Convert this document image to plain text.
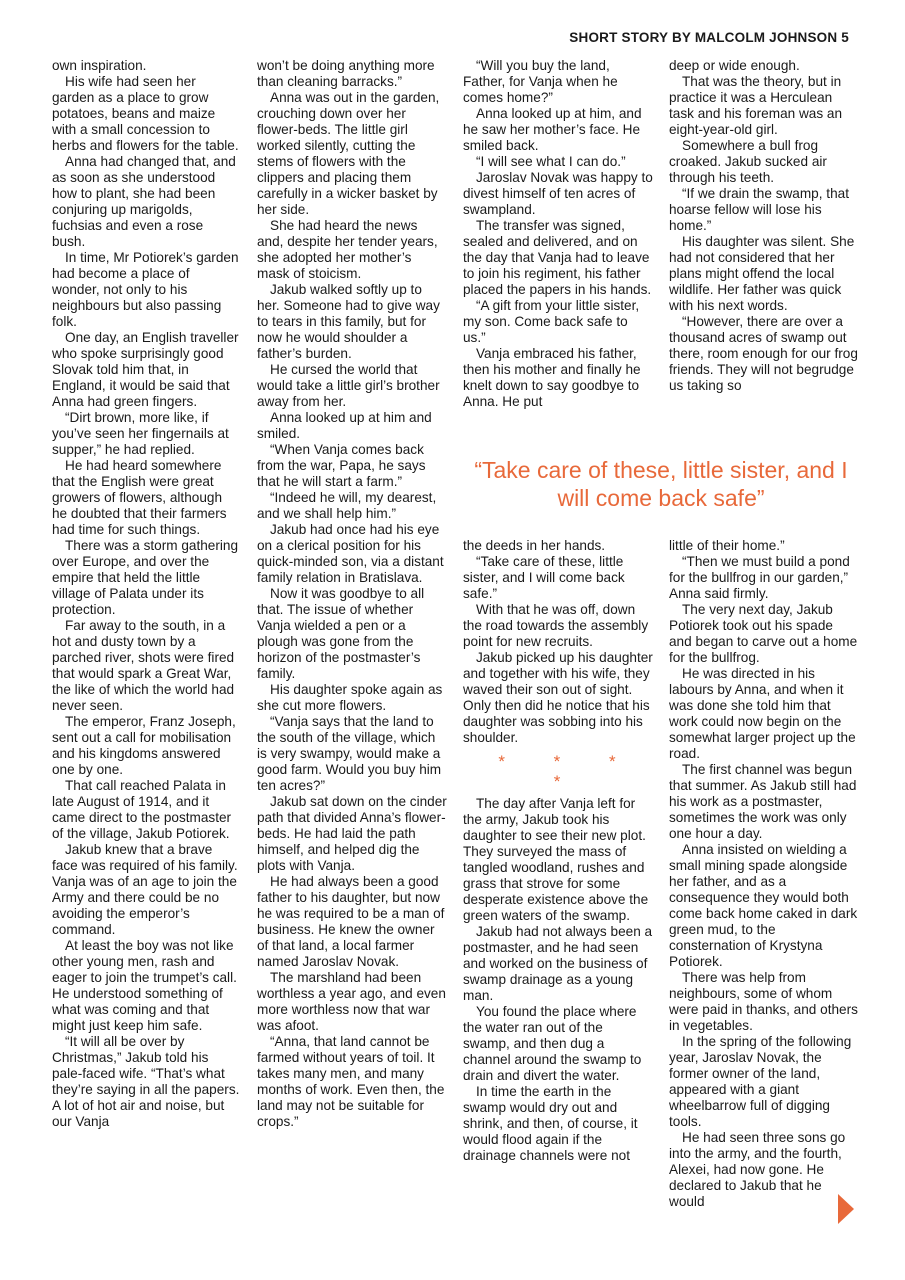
SHORT STORY BY MALCOLM JOHNSON 5

own inspiration.

His wife had seen her garden as a place to grow potatoes, beans and maize with a small concession to herbs and flowers for the table.

Anna had changed that, and as soon as she understood how to plant, she had been conjuring up marigolds, fuchsias and even a rose bush.

In time, Mr Potiorek’s garden had become a place of wonder, not only to his neighbours but also passing folk.

One day, an English traveller who spoke surprisingly good Slovak told him that, in England, it would be said that Anna had green fingers.

“Dirt brown, more like, if you’ve seen her fingernails at supper,” he had replied.

He had heard somewhere that the English were great growers of flowers, although he doubted that their farmers had time for such things.

There was a storm gathering over Europe, and over the empire that held the little village of Palata under its protection.

Far away to the south, in a hot and dusty town by a parched river, shots were fired that would spark a Great War, the like of which the world had never seen.

The emperor, Franz Joseph, sent out a call for mobilisation and his kingdoms answered one by one.

That call reached Palata in late August of 1914, and it came direct to the postmaster of the village, Jakub Potiorek.

Jakub knew that a brave face was required of his family. Vanja was of an age to join the Army and there could be no avoiding the emperor’s command.

At least the boy was not like other young men, rash and eager to join the trumpet’s call. He understood something of what was coming and that might just keep him safe.

“It will all be over by Christmas,” Jakub told his pale-faced wife. “That’s what they’re saying in all the papers. A lot of hot air and noise, but our Vanja

won’t be doing anything more than cleaning barracks.”

Anna was out in the garden, crouching down over her flower-beds. The little girl worked silently, cutting the stems of flowers with the clippers and placing them carefully in a wicker basket by her side.

She had heard the news and, despite her tender years, she adopted her mother’s mask of stoicism.

Jakub walked softly up to her. Someone had to give way to tears in this family, but for now he would shoulder a father’s burden.

He cursed the world that would take a little girl’s brother away from her.

Anna looked up at him and smiled.

“When Vanja comes back from the war, Papa, he says that he will start a farm.”

“Indeed he will, my dearest, and we shall help him.”

Jakub had once had his eye on a clerical position for his quick-minded son, via a distant family relation in Bratislava.

Now it was goodbye to all that. The issue of whether Vanja wielded a pen or a plough was gone from the horizon of the postmaster’s family.

His daughter spoke again as she cut more flowers.

“Vanja says that the land to the south of the village, which is very swampy, would make a good farm. Would you buy him ten acres?”

Jakub sat down on the cinder path that divided Anna’s flower-beds. He had laid the path himself, and helped dig the plots with Vanja.

He had always been a good father to his daughter, but now he was required to be a man of business. He knew the owner of that land, a local farmer named Jaroslav Novak.

The marshland had been worthless a year ago, and even more worthless now that war was afoot.

“Anna, that land cannot be farmed without years of toil. It takes many men, and many months of work. Even then, the land may not be suitable for crops.”

“Will you buy the land, Father, for Vanja when he comes home?”

Anna looked up at him, and he saw her mother’s face. He smiled back.

“I will see what I can do.”

Jaroslav Novak was happy to divest himself of ten acres of swampland.

The transfer was signed, sealed and delivered, and on the day that Vanja had to leave to join his regiment, his father placed the papers in his hands.

“A gift from your little sister, my son. Come back safe to us.”

Vanja embraced his father, then his mother and finally he knelt down to say goodbye to Anna. He put

deep or wide enough.

That was the theory, but in practice it was a Herculean task and his foreman was an eight-year-old girl.

Somewhere a bull frog croaked. Jakub sucked air through his teeth.

“If we drain the swamp, that hoarse fellow will lose his home.”

His daughter was silent. She had not considered that her plans might offend the local wildlife. Her father was quick with his next words.

“However, there are over a thousand acres of swamp out there, room enough for our frog friends. They will not begrudge us taking so

“Take care of these, little sister, and I will come back safe”

the deeds in her hands.

“Take care of these, little sister, and I will come back safe.”

With that he was off, down the road towards the assembly point for new recruits.

Jakub picked up his daughter and together with his wife, they waved their son out of sight. Only then did he notice that his daughter was sobbing into his shoulder.

* * * *

The day after Vanja left for the army, Jakub took his daughter to see their new plot. They surveyed the mass of tangled woodland, rushes and grass that strove for some desperate existence above the green waters of the swamp.

Jakub had not always been a postmaster, and he had seen and worked on the business of swamp drainage as a young man.

You found the place where the water ran out of the swamp, and then dug a channel around the swamp to drain and divert the water.

In time the earth in the swamp would dry out and shrink, and then, of course, it would flood again if the drainage channels were not

little of their home.”

“Then we must build a pond for the bullfrog in our garden,” Anna said firmly.

The very next day, Jakub Potiorek took out his spade and began to carve out a home for the bullfrog.

He was directed in his labours by Anna, and when it was done she told him that work could now begin on the somewhat larger project up the road.

The first channel was begun that summer. As Jakub still had his work as a postmaster, sometimes the work was only one hour a day.

Anna insisted on wielding a small mining spade alongside her father, and as a consequence they would both come back home caked in dark green mud, to the consternation of Krystyna Potiorek.

There was help from neighbours, some of whom were paid in thanks, and others in vegetables.

In the spring of the following year, Jaroslav Novak, the former owner of the land, appeared with a giant wheelbarrow full of digging tools.

He had seen three sons go into the army, and the fourth, Alexei, had now gone. He declared to Jakub that he would
